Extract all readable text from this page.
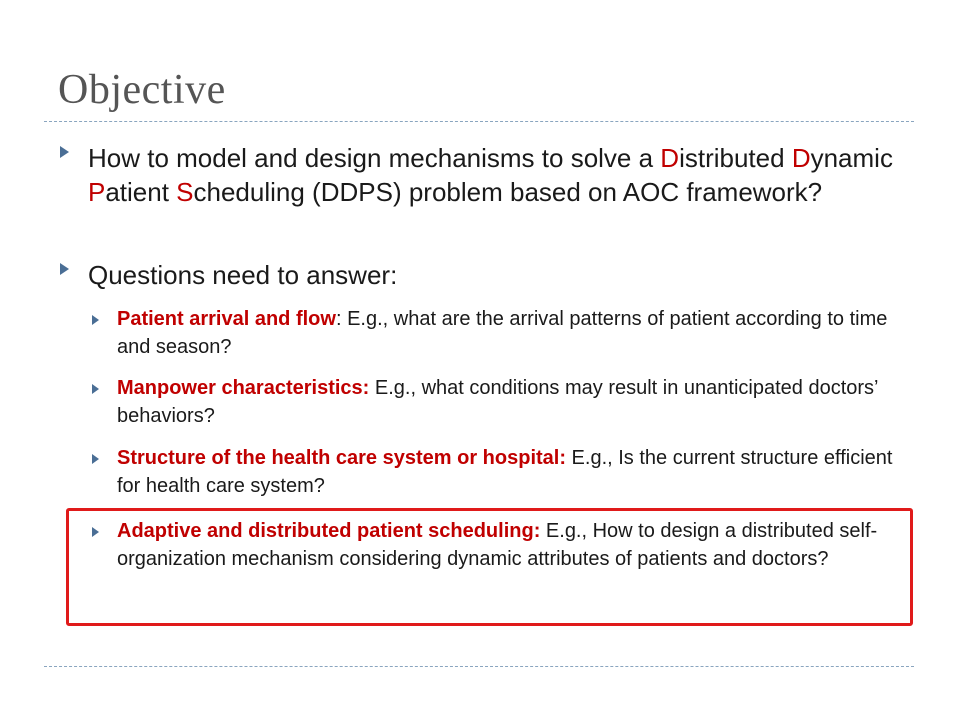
Objective
How to model and design mechanisms to solve a Distributed Dynamic Patient Scheduling (DDPS) problem based on AOC framework?
Questions need to answer:
Patient arrival and flow: E.g., what are the arrival patterns of patient according to time and season?
Manpower characteristics: E.g., what conditions may result in unanticipated doctors’ behaviors?
Structure of the health care system or hospital: E.g., Is the current structure efficient for health care system?
Adaptive and distributed patient scheduling: E.g., How to design a distributed self-organization mechanism considering dynamic attributes of patients and doctors?
